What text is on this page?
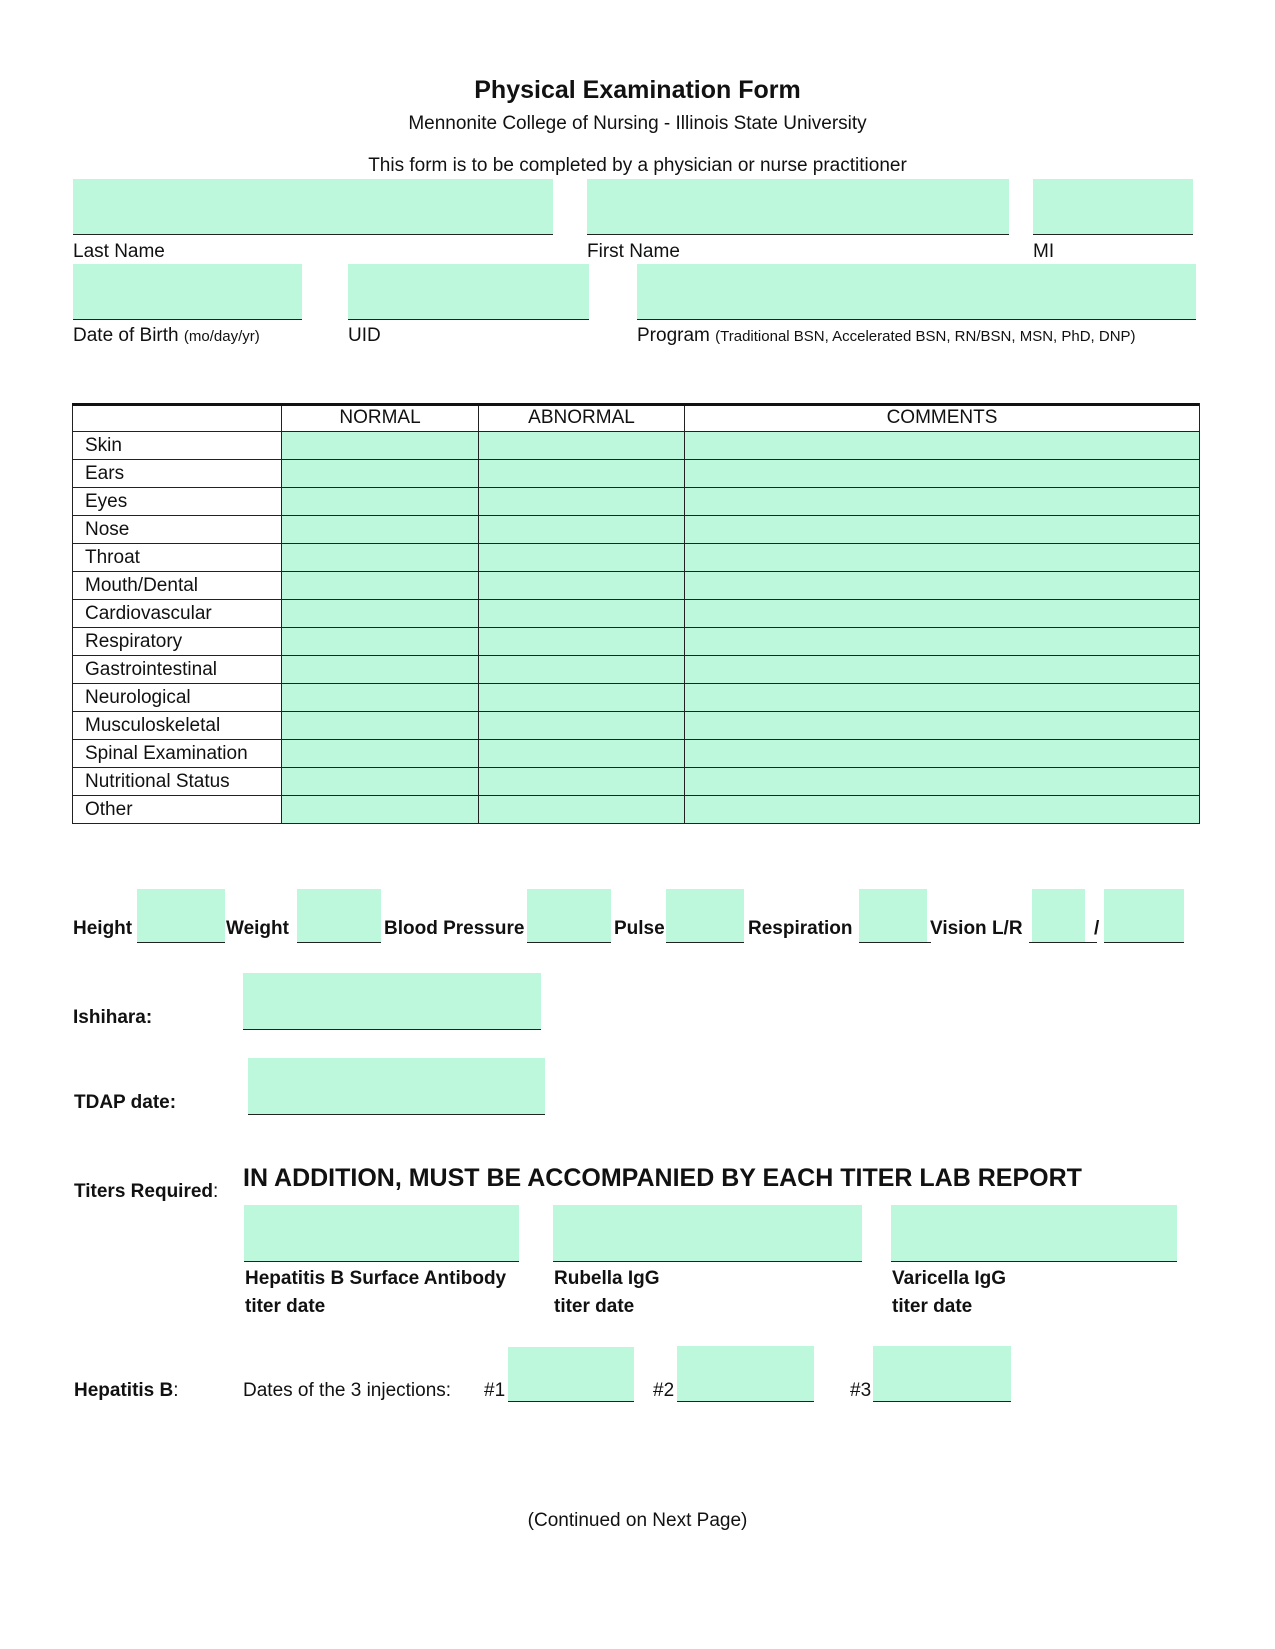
Physical Examination Form
Mennonite College of Nursing - Illinois State University
This form is to be completed by a physician or nurse practitioner
Last Name	First Name	MI
Date of Birth (mo/day/yr)	UID	Program (Traditional BSN, Accelerated BSN, RN/BSN, MSN, PhD, DNP)
	NORMAL	ABNORMAL	COMMENTS
Skin			
Ears			
Eyes			
Nose			
Throat			
Mouth/Dental			
Cardiovascular			
Respiratory			
Gastrointestinal			
Neurological			
Musculoskeletal			
Spinal Examination			
Nutritional Status			
Other			
Height	Weight	Blood Pressure	Pulse	Respiration	Vision L/R	/
Ishihara:
TDAP date:
Titers Required: IN ADDITION, MUST BE ACCOMPANIED BY EACH TITER LAB REPORT
Hepatitis B Surface Antibody
titer date
Rubella IgG
titer date
Varicella IgG
titer date
Hepatitis B:	Dates of the 3 injections: #1	#2	#3
(Continued on Next Page)
